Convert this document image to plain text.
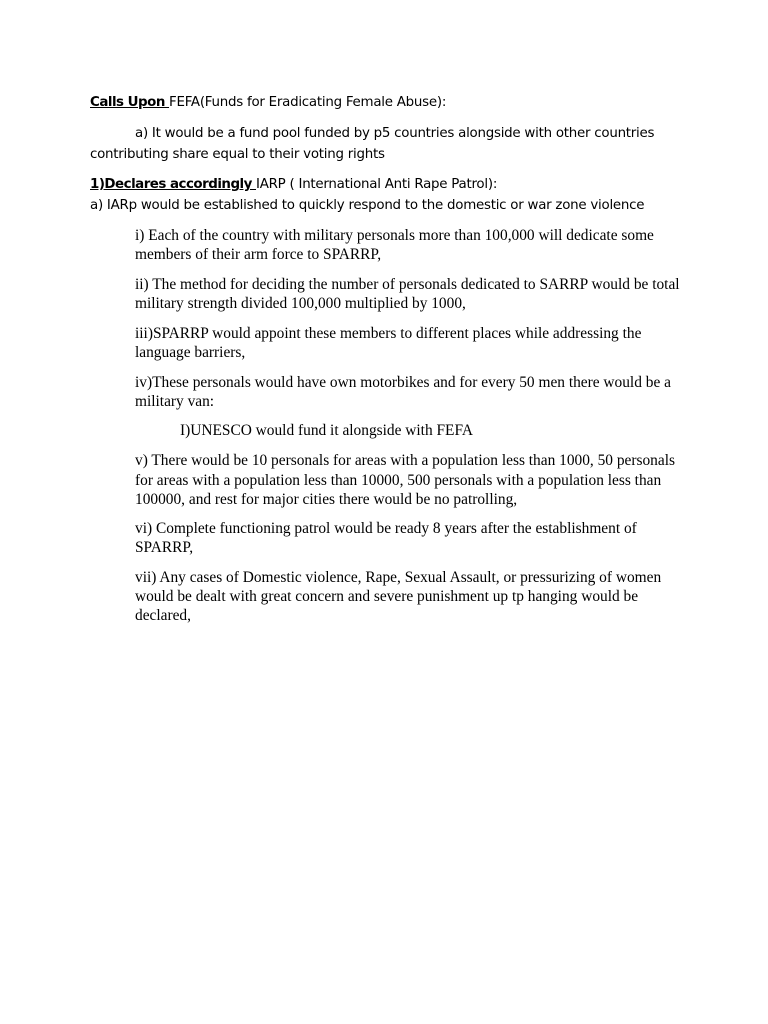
Calls Upon FEFA(Funds for Eradicating Female Abuse):
a) It would be a fund pool funded by p5 countries alongside with other countries
contributing share equal to their voting rights
1)Declares accordingly IARP ( International Anti Rape Patrol):
a) IARp would be established to quickly respond to the domestic or war zone violence
i) Each of the country with military personals more than 100,000 will dedicate some
members of their arm force to SPARRP,
ii) The method for deciding the number of personals dedicated to SARRP would be total
military strength divided 100,000 multiplied by 1000,
iii)SPARRP would appoint these members to different places while addressing the
language barriers,
iv)These personals would have own motorbikes and for every 50 men there would be a
military van:
I)UNESCO would fund it alongside with FEFA
v) There would be 10 personals for areas with a population less than 1000, 50 personals
for areas with a population less than 10000, 500 personals with a population less than
100000, and rest for major cities there would be no patrolling,
vi) Complete functioning patrol would be ready 8 years after the establishment of
SPARRP,
vii) Any cases of Domestic violence, Rape, Sexual Assault, or pressurizing of women
would be dealt with great concern and severe punishment up tp hanging would be
declared,
